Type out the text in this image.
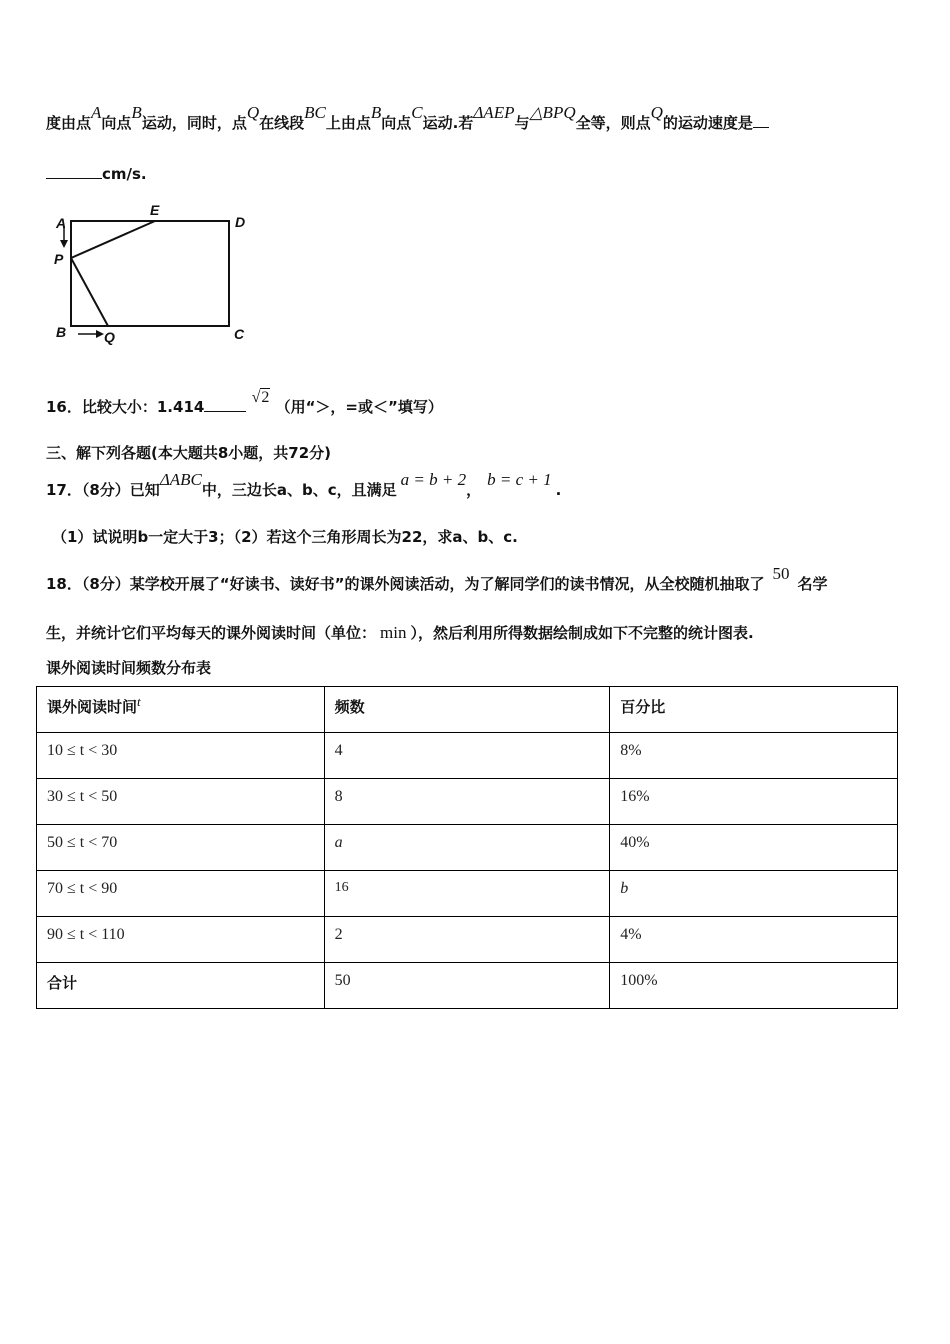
度由点A向点B运动，同时，点Q在线段BC上由点B向点C运动.若ΔAEP与△BPQ全等，则点Q的运动速度是
cm/s.
A
E
D
P
B	Q	C
16．比较大小：1.414 √2 （用“＞，=或＜”填写）
三、解下列各题(本大题共8小题，共72分)
17．（8分）已知ΔABC中，三边长a、b、c，且满足a = b + 2，b = c + 1.
（1）试说明b一定大于3；（2）若这个三角形周长为22，求a、b、c.
18．（8分）某学校开展了“好读书、读好书”的课外阅读活动，为了解同学们的读书情况，从全校随机抽取了50名学
生，并统计它们平均每天的课外阅读时间（单位： min ），然后利用所得数据绘制成如下不完整的统计图表.
课外阅读时间频数分布表
课外阅读时间t	频数	百分比
10 ≤ t < 30	4	8%
30 ≤ t < 50	8	16%
50 ≤ t < 70	a	40%
70 ≤ t < 90	16	b
90 ≤ t < 110	2	4%
合计	50	100%
